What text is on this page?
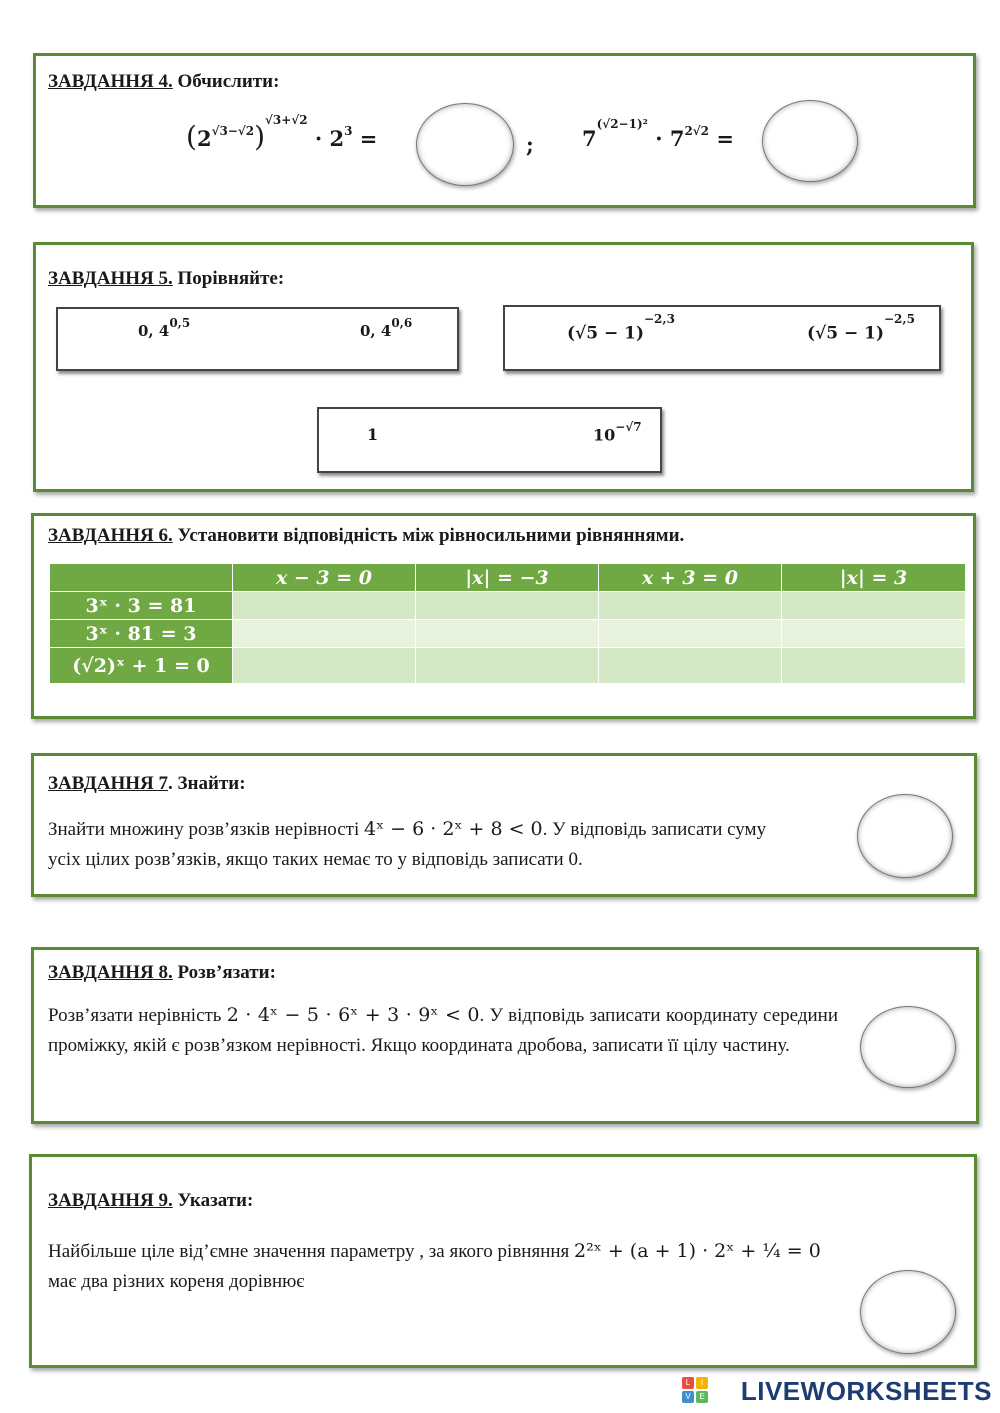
ЗАВДАННЯ 4. Обчислити:
$(2^{√3-√2})^{√3+√2} \cdot 2^3$ =	; $7^{(√2-1)^2} \cdot 7^{2√2}$ =
ЗАВДАННЯ 5. Порівняйте:
0, 4$^{0,5}$	0, 4$^{0,6}$
$(√5 - 1)^{-2,3}$
$(√5 - 1)^{-2,5}$
1	$10^{-√7}$
ЗАВДАННЯ 6. Установити відповідність між рівносильними рівняннями.
	x − 3 = 0	|x| = −3	x + 3 = 0	|x| = 3
3ˣ · 3 = 81				
3ˣ · 81 = 3				
(√2)ˣ + 1 = 0				
ЗАВДАННЯ 7. Знайти:
Знайти множину розв’язків нерівності 4ˣ − 6 · 2ˣ + 8 < 0. У відповідь записати суму усіх цілих розв’язків, якщо таких немає то у відповідь записати 0.
ЗАВДАННЯ 8. Розв’язати:
Розв’язати нерівність 2 · 4ˣ − 5 · 6ˣ + 3 · 9ˣ < 0. У відповідь записати координату середини проміжку, якій є розв’язком нерівності. Якщо координата дробова, записати її цілу частину.
ЗАВДАННЯ 9. Указати:
Найбільше ціле від’ємне значення параметру , за якого рівняння 2²ˣ + (a + 1) · 2ˣ + ¼ = 0
має два різних кореня дорівнює
L	I
V	E LIVEWORKSHEETS
